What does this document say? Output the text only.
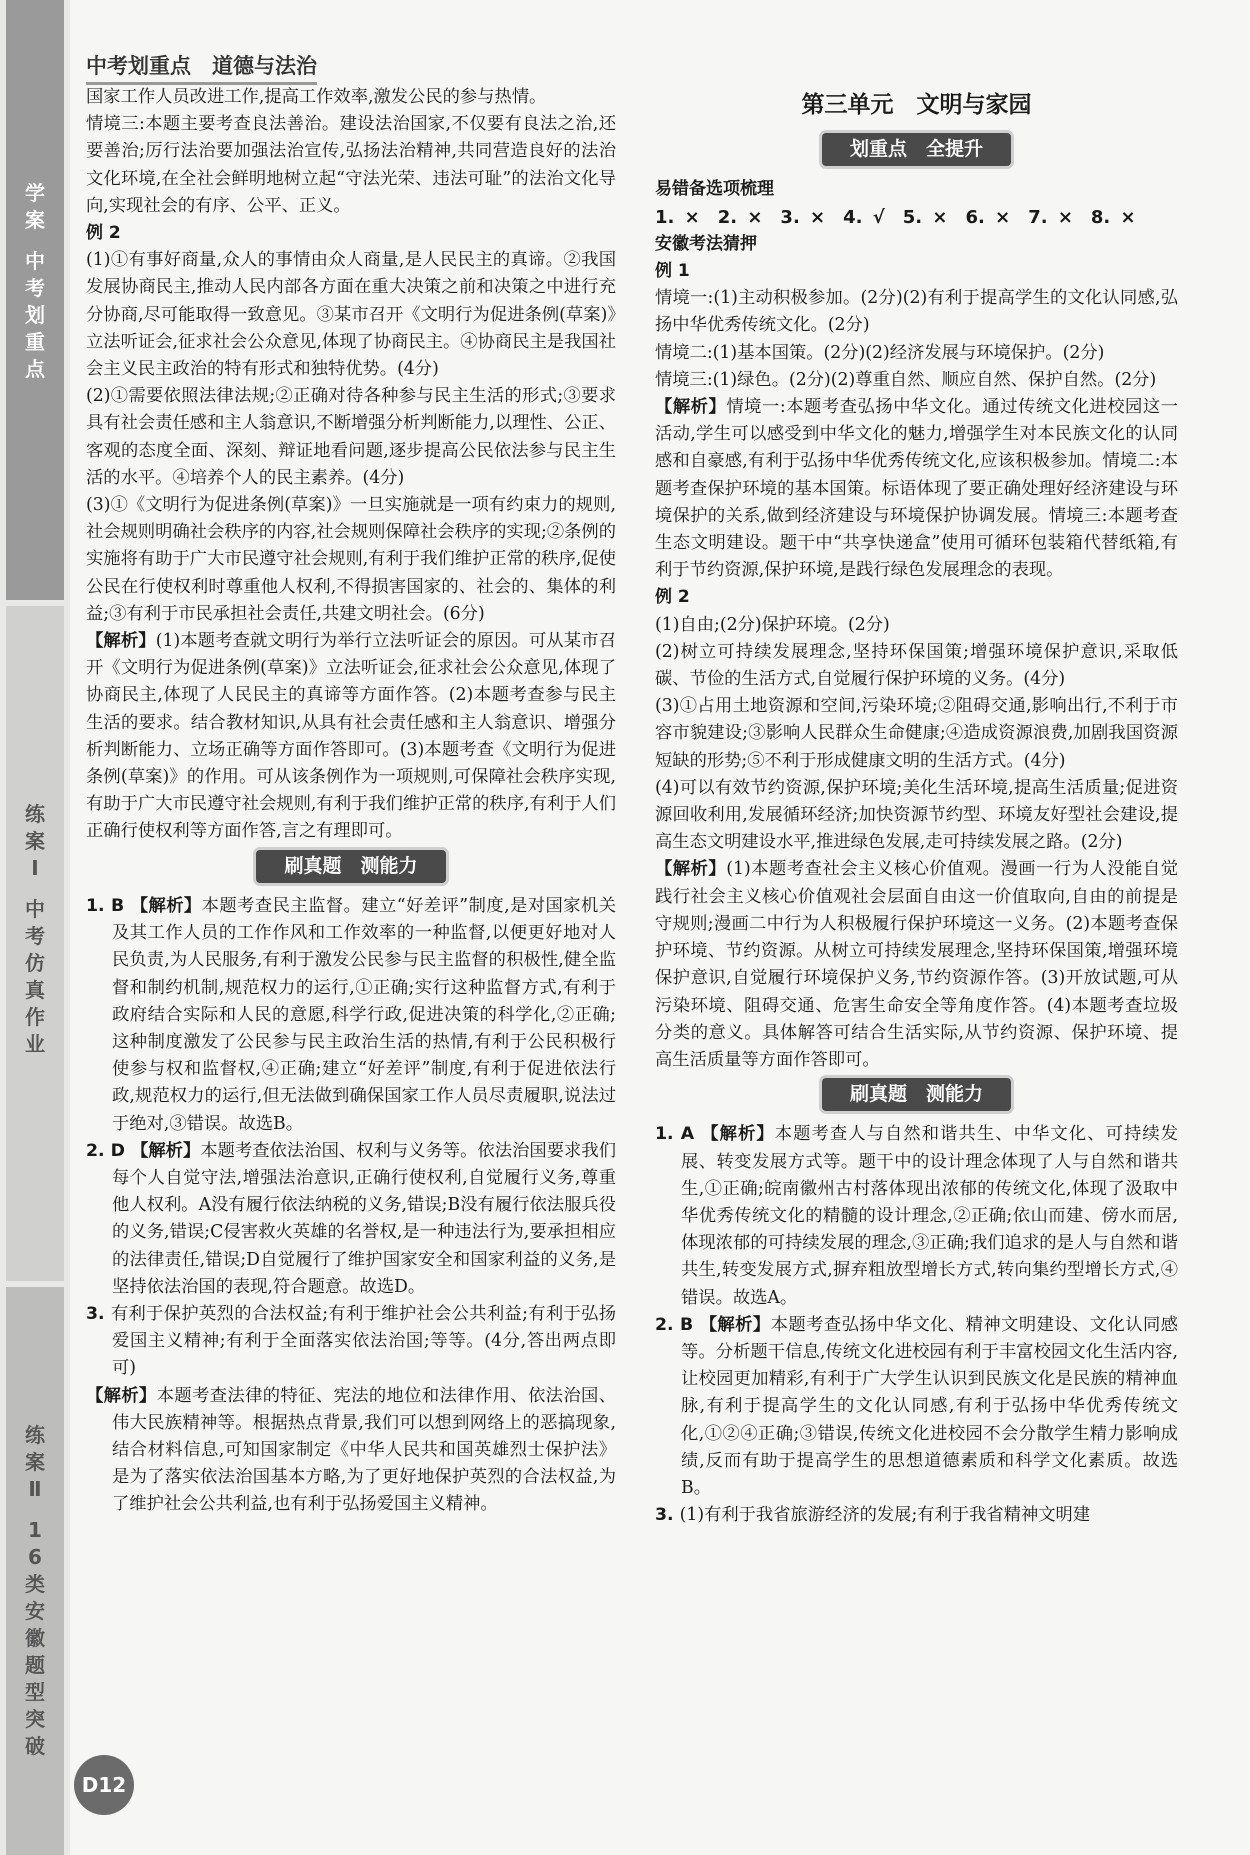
学
案
中
考
划
重
点
练
案
Ⅰ
中
考
仿
真
作
业
练
案
Ⅱ
1
6
类
安
徽
题
型
突
破
中考划重点　道德与法治

国家工作人员改进工作,提高工作效率,激发公民的参与热情。

情境三:本题主要考查良法善治。建设法治国家,不仅要有良法之治,还要善治;厉行法治要加强法治宣传,弘扬法治精神,共同营造良好的法治文化环境,在全社会鲜明地树立起“守法光荣、违法可耻”的法治文化导向,实现社会的有序、公平、正义。

例 2

(1)①有事好商量,众人的事情由众人商量,是人民民主的真谛。②我国发展协商民主,推动人民内部各方面在重大决策之前和决策之中进行充分协商,尽可能取得一致意见。③某市召开《文明行为促进条例(草案)》立法听证会,征求社会公众意见,体现了协商民主。④协商民主是我国社会主义民主政治的特有形式和独特优势。(4分)

(2)①需要依照法律法规;②正确对待各种参与民主生活的形式;③要求具有社会责任感和主人翁意识,不断增强分析判断能力,以理性、公正、客观的态度全面、深刻、辩证地看问题,逐步提高公民依法参与民主生活的水平。④培养个人的民主素养。(4分)

(3)①《文明行为促进条例(草案)》一旦实施就是一项有约束力的规则,社会规则明确社会秩序的内容,社会规则保障社会秩序的实现;②条例的实施将有助于广大市民遵守社会规则,有利于我们维护正常的秩序,促使公民在行使权利时尊重他人权利,不得损害国家的、社会的、集体的利益;③有利于市民承担社会责任,共建文明社会。(6分)

【解析】(1)本题考查就文明行为举行立法听证会的原因。可从某市召开《文明行为促进条例(草案)》立法听证会,征求社会公众意见,体现了协商民主,体现了人民民主的真谛等方面作答。(2)本题考查参与民主生活的要求。结合教材知识,从具有社会责任感和主人翁意识、增强分析判断能力、立场正确等方面作答即可。(3)本题考查《文明行为促进条例(草案)》的作用。可从该条例作为一项规则,可保障社会秩序实现,有助于广大市民遵守社会规则,有利于我们维护正常的秩序,有利于人们正确行使权利等方面作答,言之有理即可。

刷真题　测能力

1. B 【解析】本题考查民主监督。建立“好差评”制度,是对国家机关及其工作人员的工作作风和工作效率的一种监督,以便更好地对人民负责,为人民服务,有利于激发公民参与民主监督的积极性,健全监督和制约机制,规范权力的运行,①正确;实行这种监督方式,有利于政府结合实际和人民的意愿,科学行政,促进决策的科学化,②正确;这种制度激发了公民参与民主政治生活的热情,有利于公民积极行使参与权和监督权,④正确;建立“好差评”制度,有利于促进依法行政,规范权力的运行,但无法做到确保国家工作人员尽责履职,说法过于绝对,③错误。故选B。

2. D 【解析】本题考查依法治国、权利与义务等。依法治国要求我们每个人自觉守法,增强法治意识,正确行使权利,自觉履行义务,尊重他人权利。A没有履行依法纳税的义务,错误;B没有履行依法服兵役的义务,错误;C侵害救火英雄的名誉权,是一种违法行为,要承担相应的法律责任,错误;D自觉履行了维护国家安全和国家利益的义务,是坚持依法治国的表现,符合题意。故选D。

3. 有利于保护英烈的合法权益;有利于维护社会公共利益;有利于弘扬爱国主义精神;有利于全面落实依法治国;等等。(4分,答出两点即可)

【解析】本题考查法律的特征、宪法的地位和法律作用、依法治国、伟大民族精神等。根据热点背景,我们可以想到网络上的恶搞现象,结合材料信息,可知国家制定《中华人民共和国英雄烈士保护法》是为了落实依法治国基本方略,为了更好地保护英烈的合法权益,为了维护社会公共利益,也有利于弘扬爱国主义精神。

第三单元　文明与家园
划重点　全提升

易错备选项梳理

1. ×　2. ×　3. ×　4. √　5. ×　6. ×　7. ×　8. ×

安徽考法猜押

例 1

情境一:(1)主动积极参加。(2分)(2)有利于提高学生的文化认同感,弘扬中华优秀传统文化。(2分)

情境二:(1)基本国策。(2分)(2)经济发展与环境保护。(2分)

情境三:(1)绿色。(2分)(2)尊重自然、顺应自然、保护自然。(2分)

【解析】情境一:本题考查弘扬中华文化。通过传统文化进校园这一活动,学生可以感受到中华文化的魅力,增强学生对本民族文化的认同感和自豪感,有利于弘扬中华优秀传统文化,应该积极参加。情境二:本题考查保护环境的基本国策。标语体现了要正确处理好经济建设与环境保护的关系,做到经济建设与环境保护协调发展。情境三:本题考查生态文明建设。题干中“共享快递盒”使用可循环包装箱代替纸箱,有利于节约资源,保护环境,是践行绿色发展理念的表现。

例 2

(1)自由;(2分)保护环境。(2分)

(2)树立可持续发展理念,坚持环保国策;增强环境保护意识,采取低碳、节俭的生活方式,自觉履行保护环境的义务。(4分)

(3)①占用土地资源和空间,污染环境;②阻碍交通,影响出行,不利于市容市貌建设;③影响人民群众生命健康;④造成资源浪费,加剧我国资源短缺的形势;⑤不利于形成健康文明的生活方式。(4分)

(4)可以有效节约资源,保护环境;美化生活环境,提高生活质量;促进资源回收利用,发展循环经济;加快资源节约型、环境友好型社会建设,提高生态文明建设水平,推进绿色发展,走可持续发展之路。(2分)

【解析】(1)本题考查社会主义核心价值观。漫画一行为人没能自觉践行社会主义核心价值观社会层面自由这一价值取向,自由的前提是守规则;漫画二中行为人积极履行保护环境这一义务。(2)本题考查保护环境、节约资源。从树立可持续发展理念,坚持环保国策,增强环境保护意识,自觉履行环境保护义务,节约资源作答。(3)开放试题,可从污染环境、阻碍交通、危害生命安全等角度作答。(4)本题考查垃圾分类的意义。具体解答可结合生活实际,从节约资源、保护环境、提高生活质量等方面作答即可。

刷真题　测能力

1. A 【解析】本题考查人与自然和谐共生、中华文化、可持续发展、转变发展方式等。题干中的设计理念体现了人与自然和谐共生,①正确;皖南徽州古村落体现出浓郁的传统文化,体现了汲取中华优秀传统文化的精髓的设计理念,②正确;依山而建、傍水而居,体现浓郁的可持续发展的理念,③正确;我们追求的是人与自然和谐共生,转变发展方式,摒弃粗放型增长方式,转向集约型增长方式,④错误。故选A。

2. B 【解析】本题考查弘扬中华文化、精神文明建设、文化认同感等。分析题干信息,传统文化进校园有利于丰富校园文化生活内容,让校园更加精彩,有利于广大学生认识到民族文化是民族的精神血脉,有利于提高学生的文化认同感,有利于弘扬中华优秀传统文化,①②④正确;③错误,传统文化进校园不会分散学生精力影响成绩,反而有助于提高学生的思想道德素质和科学文化素质。故选B。

3. (1)有利于我省旅游经济的发展;有利于我省精神文明建

D12
